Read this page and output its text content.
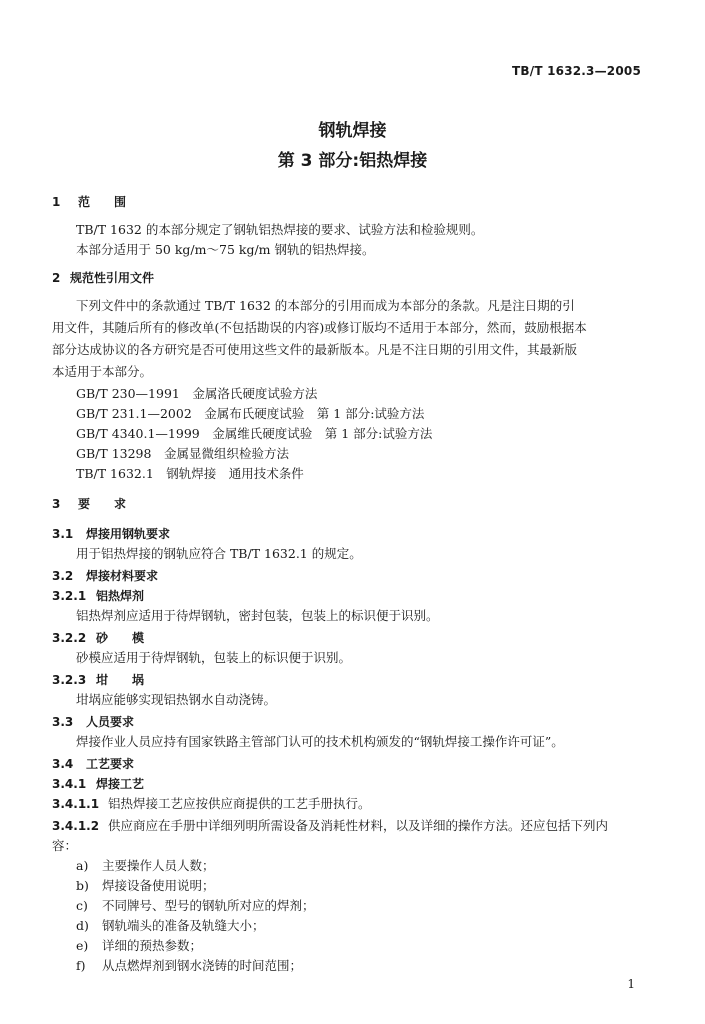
TB/T 1632.3—2005
钢轨焊接
第 3 部分:铝热焊接
1 范　　围
TB/T 1632 的本部分规定了钢轨铝热焊接的要求、试验方法和检验规则。
本部分适用于 50 kg/m～75 kg/m 钢轨的铝热焊接。
2 规范性引用文件
下列文件中的条款通过 TB/T 1632 的本部分的引用而成为本部分的条款。凡是注日期的引
用文件，其随后所有的修改单(不包括勘误的内容)或修订版均不适用于本部分，然而，鼓励根据本
部分达成协议的各方研究是否可使用这些文件的最新版本。凡是不注日期的引用文件，其最新版
本适用于本部分。
GB/T 230—1991　金属洛氏硬度试验方法
GB/T 231.1—2002　金属布氏硬度试验　第 1 部分:试验方法
GB/T 4340.1—1999　金属维氏硬度试验　第 1 部分:试验方法
GB/T 13298　金属显微组织检验方法
TB/T 1632.1　钢轨焊接　通用技术条件
3 要　　求
3.1 焊接用钢轨要求
用于铝热焊接的钢轨应符合 TB/T 1632.1 的规定。
3.2 焊接材料要求
3.2.1 铝热焊剂
铝热焊剂应适用于待焊钢轨，密封包装，包装上的标识便于识别。
3.2.2 砂　　模
砂模应适用于待焊钢轨，包装上的标识便于识别。
3.2.3 坩　　埚
坩埚应能够实现铝热钢水自动浇铸。
3.3 人员要求
焊接作业人员应持有国家铁路主管部门认可的技术机构颁发的“钢轨焊接工操作许可证”。
3.4 工艺要求
3.4.1 焊接工艺
3.4.1.1 铝热焊接工艺应按供应商提供的工艺手册执行。
3.4.1.2 供应商应在手册中详细列明所需设备及消耗性材料，以及详细的操作方法。还应包括下列内
容：
a) 主要操作人员人数；
b) 焊接设备使用说明；
c) 不同牌号、型号的钢轨所对应的焊剂；
d) 钢轨端头的准备及轨缝大小；
e) 详细的预热参数；
f) 从点燃焊剂到钢水浇铸的时间范围；
1
